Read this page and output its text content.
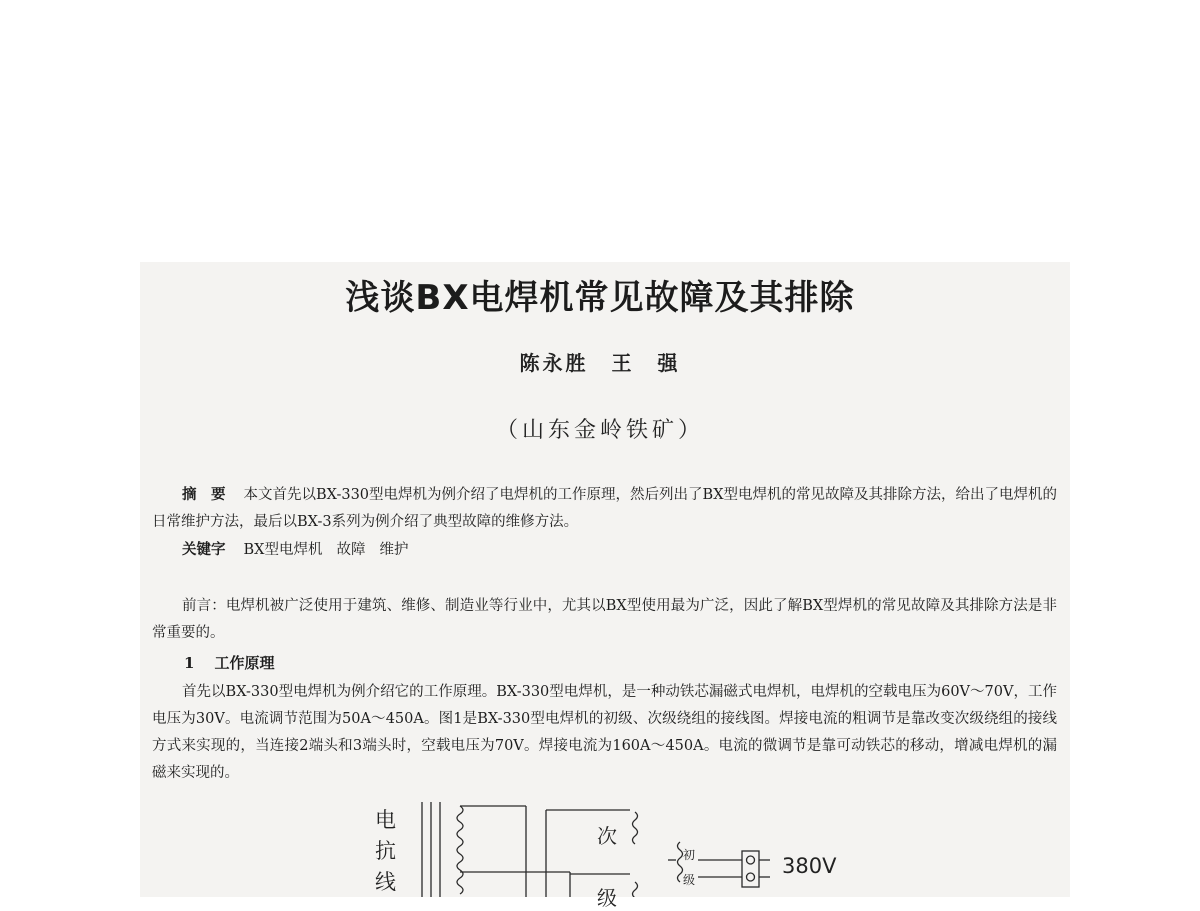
浅谈BX电焊机常见故障及其排除
陈永胜　王　强
（山东金岭铁矿）
摘　要 本文首先以BX-330型电焊机为例介绍了电焊机的工作原理，然后列出了BX型电焊机的常见故障及其排除方法，给出了电焊机的日常维护方法，最后以BX-3系列为例介绍了典型故障的维修方法。
关键字 BX型电焊机 故障 维护
前言：电焊机被广泛使用于建筑、维修、制造业等行业中，尤其以BX型使用最为广泛，因此了解BX型焊机的常见故障及其排除方法是非常重要的。
1 工作原理
首先以BX-330型电焊机为例介绍它的工作原理。BX-330型电焊机，是一种动铁芯漏磁式电焊机，电焊机的空载电压为60V～70V，工作电压为30V。电流调节范围为50A～450A。图1是BX-330型电焊机的初级、次级绕组的接线图。焊接电流的粗调节是靠改变次级绕组的接线方式来实现的，当连接2端头和3端头时，空载电压为70V。焊接电流为160A～450A。电流的微调节是靠可动铁芯的移动，增减电焊机的漏磁来实现的。
电
抗
线
次
级
初
级
380V
